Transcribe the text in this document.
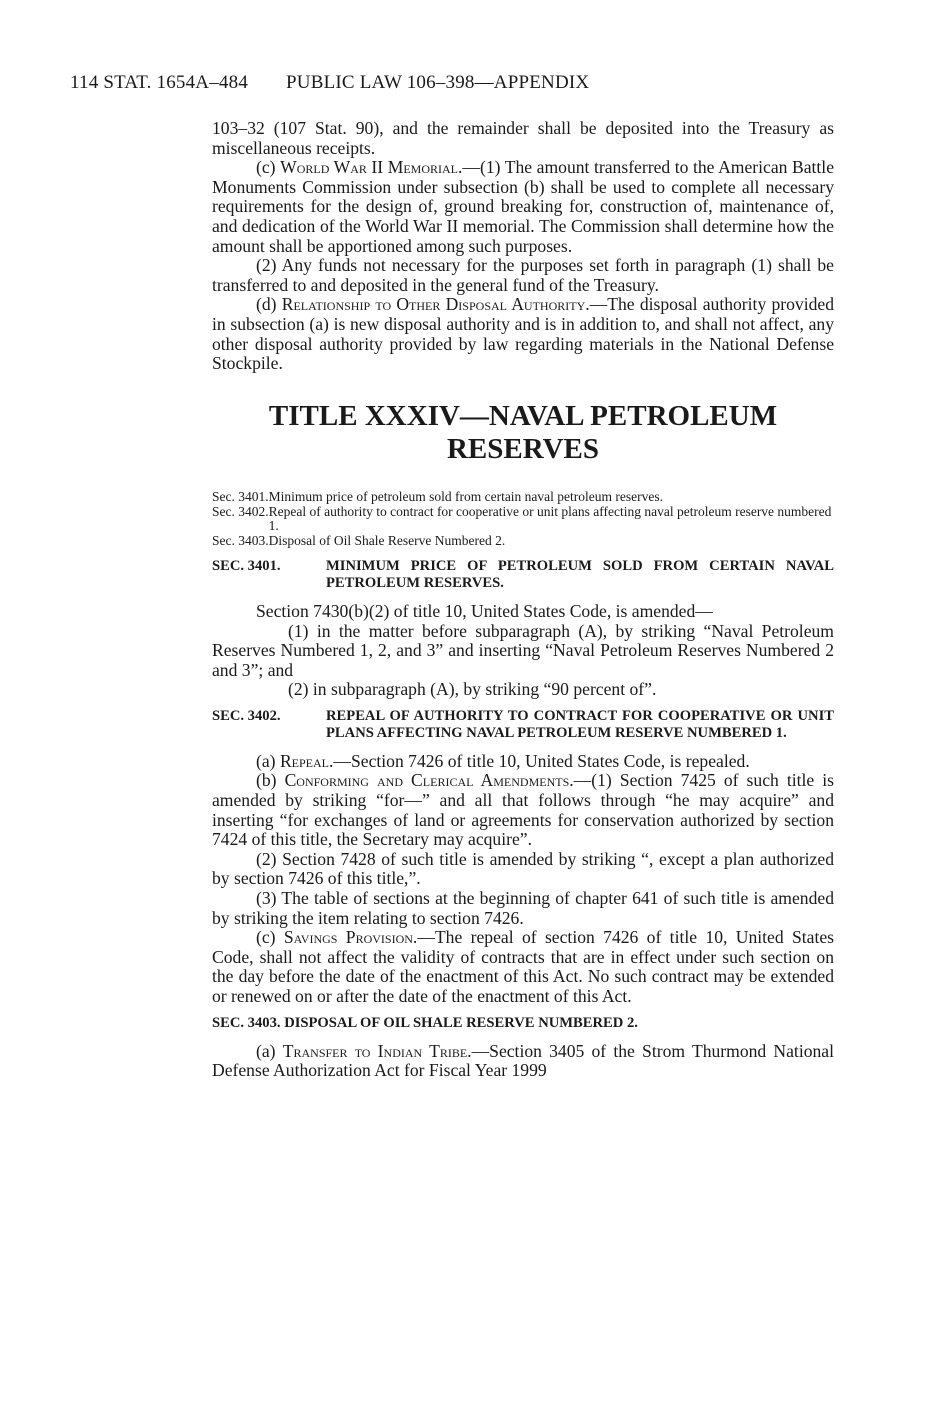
114 STAT. 1654A–484 PUBLIC LAW 106–398—APPENDIX

103–32 (107 Stat. 90), and the remainder shall be deposited into the Treasury as miscellaneous receipts.

(c) World War II Memorial.—(1) The amount transferred to the American Battle Monuments Commission under subsection (b) shall be used to complete all necessary requirements for the design of, ground breaking for, construction of, maintenance of, and dedication of the World War II memorial. The Commission shall determine how the amount shall be apportioned among such purposes.

(2) Any funds not necessary for the purposes set forth in paragraph (1) shall be transferred to and deposited in the general fund of the Treasury.

(d) Relationship to Other Disposal Authority.—The disposal authority provided in subsection (a) is new disposal authority and is in addition to, and shall not affect, any other disposal authority provided by law regarding materials in the National Defense Stockpile.

TITLE XXXIV—NAVAL PETROLEUM
RESERVES
Sec. 3401. Minimum price of petroleum sold from certain naval petroleum reserves.
Sec. 3402. Repeal of authority to contract for cooperative or unit plans affecting naval petroleum reserve numbered 1.
Sec. 3403. Disposal of Oil Shale Reserve Numbered 2.
SEC. 3401.	MINIMUM PRICE OF PETROLEUM SOLD FROM CERTAIN NAVAL PETROLEUM RESERVES.

Section 7430(b)(2) of title 10, United States Code, is amended—

(1) in the matter before subparagraph (A), by striking “Naval Petroleum Reserves Numbered 1, 2, and 3” and inserting “Naval Petroleum Reserves Numbered 2 and 3”; and

(2) in subparagraph (A), by striking “90 percent of”.

SEC. 3402.	REPEAL OF AUTHORITY TO CONTRACT FOR COOPERATIVE OR UNIT PLANS AFFECTING NAVAL PETROLEUM RESERVE NUMBERED 1.

(a) Repeal.—Section 7426 of title 10, United States Code, is repealed.

(b) Conforming and Clerical Amendments.—(1) Section 7425 of such title is amended by striking “for—” and all that follows through “he may acquire” and inserting “for exchanges of land or agreements for conservation authorized by section 7424 of this title, the Secretary may acquire”.

(2) Section 7428 of such title is amended by striking “, except a plan authorized by section 7426 of this title,”.

(3) The table of sections at the beginning of chapter 641 of such title is amended by striking the item relating to section 7426.

(c) Savings Provision.—The repeal of section 7426 of title 10, United States Code, shall not affect the validity of contracts that are in effect under such section on the day before the date of the enactment of this Act. No such contract may be extended or renewed on or after the date of the enactment of this Act.

SEC. 3403.
DISPOSAL OF OIL SHALE RESERVE NUMBERED 2.

(a) Transfer to Indian Tribe.—Section 3405 of the Strom Thurmond National Defense Authorization Act for Fiscal Year 1999
